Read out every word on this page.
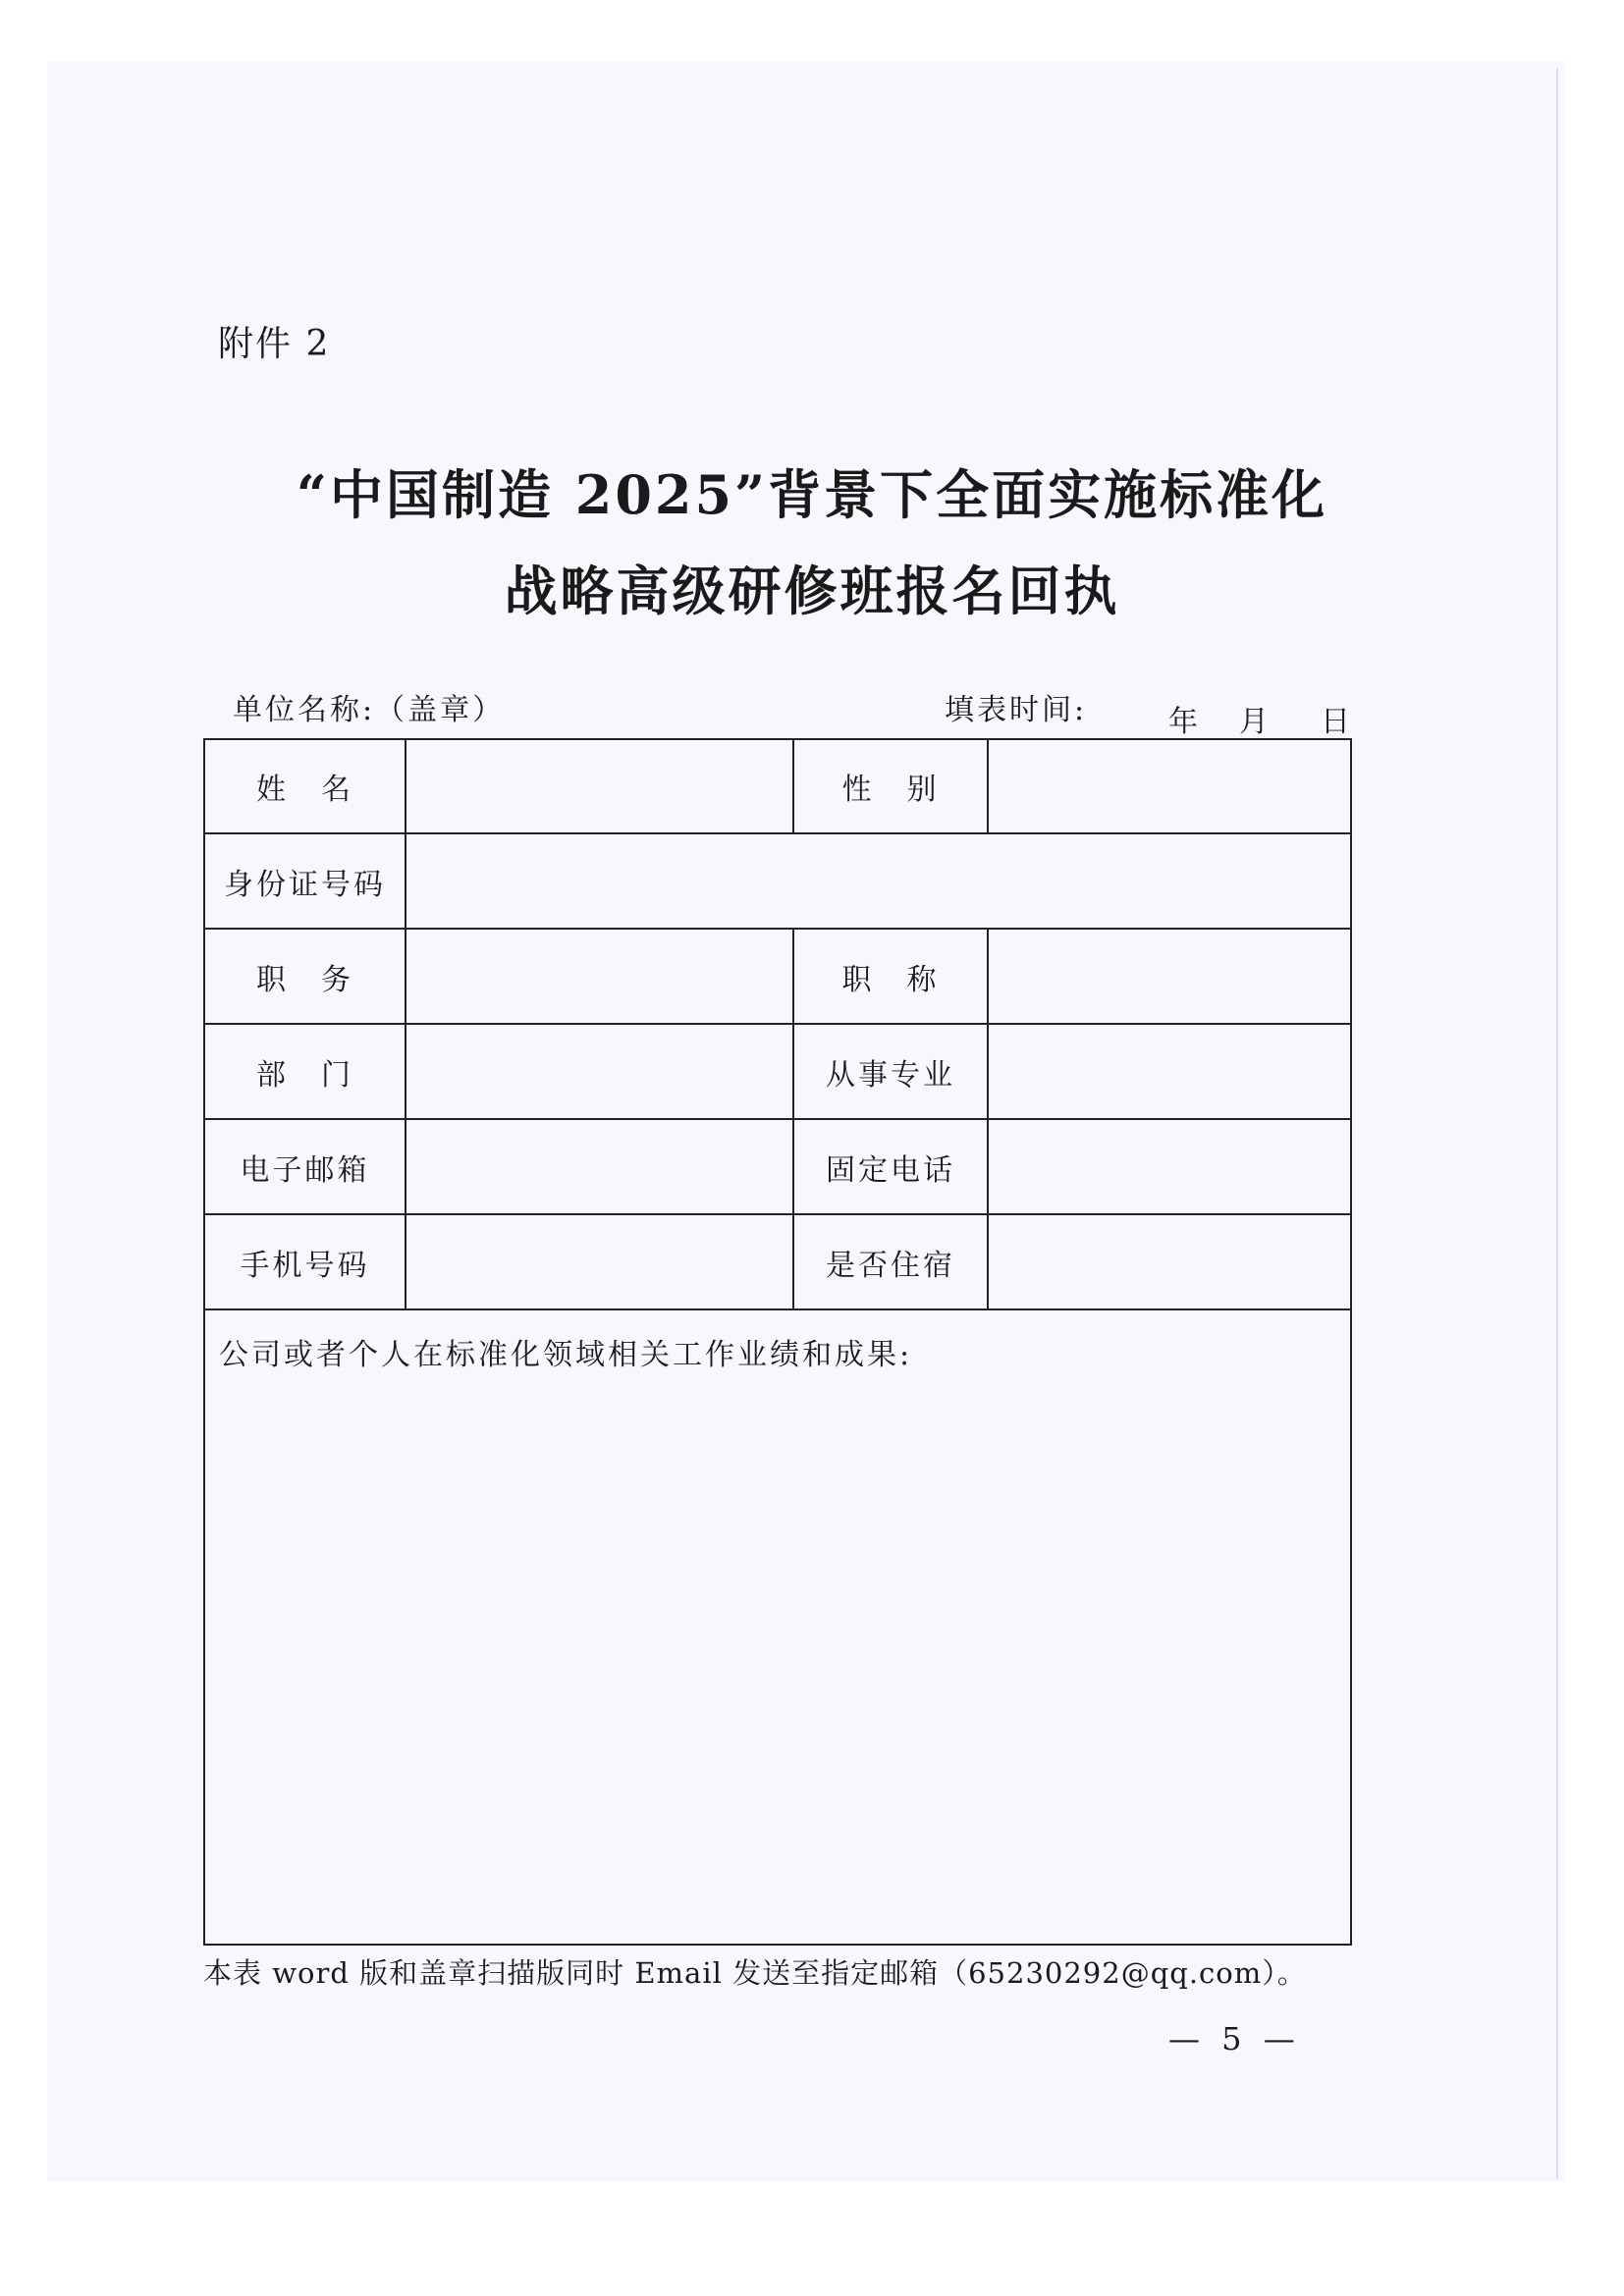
附件 2
“中国制造 2025”背景下全面实施标准化
战略高级研修班报名回执
单位名称:（盖章）	填表时间:	年 月 日
姓　名		性　别	
身份证号码			
职　务		职　称	
部　门		从事专业	
电子邮箱		固定电话	
手机号码		是否住宿	
公司或者个人在标准化领域相关工作业绩和成果:			
本表 word 版和盖章扫描版同时 Email 发送至指定邮箱（65230292@qq.com）。
— 5 —
